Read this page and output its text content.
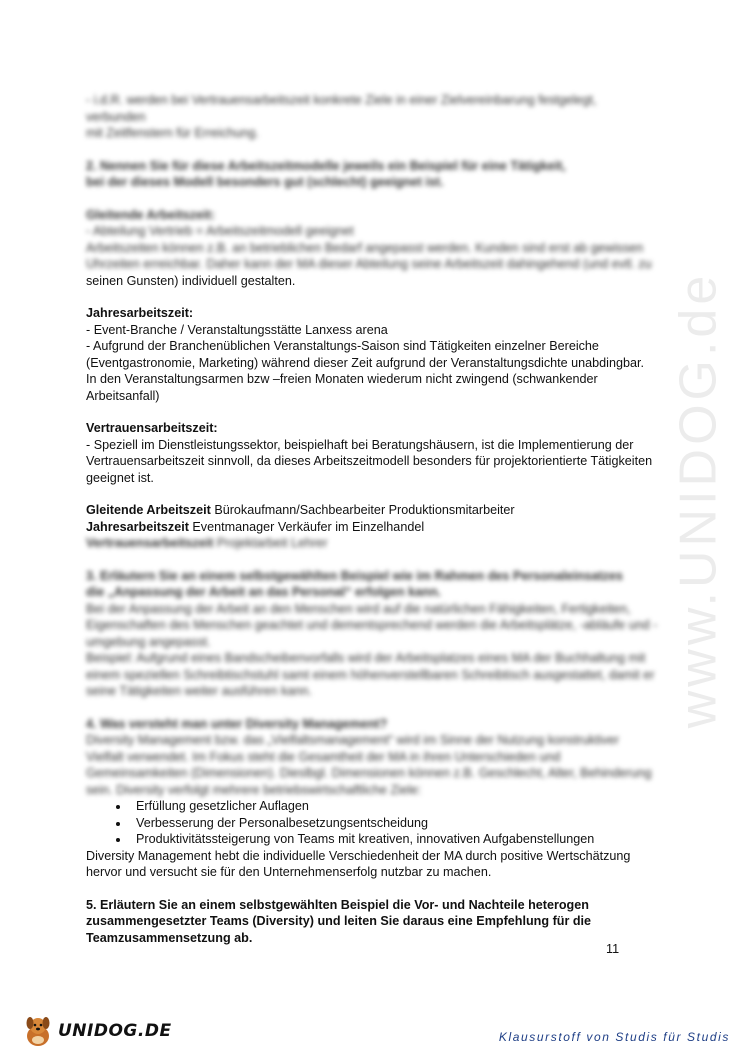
www.UNIDOG.de

- i.d.R. werden bei Vertrauensarbeitszeit konkrete Ziele in einer Zielvereinbarung festgelegt, verbunden

mit Zeitfenstern für Erreichung.

2. Nennen Sie für diese Arbeitszeitmodelle jeweils ein Beispiel für eine Tätigkeit,

bei der dieses Modell besonders gut (schlecht) geeignet ist.

Gleitende Arbeitszeit:

- Abteilung Vertrieb = Arbeitszeitmodell geeignet

Arbeitszeiten können z.B. an betrieblichen Bedarf angepasst werden. Kunden sind erst ab gewissen

Uhrzeiten erreichbar. Daher kann der MA dieser Abteilung seine Arbeitszeit dahingehend (und evtl. zu

seinen Gunsten) individuell gestalten.

Jahresarbeitszeit:

- Event-Branche / Veranstaltungsstätte Lanxess arena

- Aufgrund der Branchenüblichen Veranstaltungs-Saison sind Tätigkeiten einzelner Bereiche

(Eventgastronomie, Marketing) während dieser Zeit aufgrund der Veranstaltungsdichte unabdingbar.

In den Veranstaltungsarmen bzw –freien Monaten wiederum nicht zwingend (schwankender

Arbeitsanfall)

Vertrauensarbeitszeit:

- Speziell im Dienstleistungssektor, beispielhaft bei Beratungshäusern, ist die Implementierung der

Vertrauensarbeitszeit sinnvoll, da dieses Arbeitszeitmodell besonders für projektorientierte Tätigkeiten

geeignet ist.

Gleitende Arbeitszeit Bürokaufmann/Sachbearbeiter Produktionsmitarbeiter

Jahresarbeitszeit Eventmanager Verkäufer im Einzelhandel

Vertrauensarbeitszeit Projektarbeit Lehrer

3. Erläutern Sie an einem selbstgewählten Beispiel wie im Rahmen des Personaleinsatzes

die „Anpassung der Arbeit an das Personal“ erfolgen kann.

Bei der Anpassung der Arbeit an den Menschen wird auf die natürlichen Fähigkeiten, Fertigkeiten,

Eigenschaften des Menschen geachtet und dementsprechend werden die Arbeitsplätze, -abläufe und -

umgebung angepasst.

Beispiel: Aufgrund eines Bandscheibenvorfalls wird der Arbeitsplatzes eines MA der Buchhaltung mit

einem speziellen Schreibtischstuhl samt einem höhenverstellbaren Schreibtisch ausgestattet, damit er

seine Tätigkeiten weiter ausführen kann.

4. Was versteht man unter Diversity Management?

Diversity Management bzw. das „Vielfaltsmanagement“ wird im Sinne der Nutzung konstruktiver

Vielfalt verwendet. Im Fokus steht die Gesamtheit der MA in ihren Unterschieden und

Gemeinsamkeiten (Dimensionen). Dieslbgl. Dimensionen können z.B. Geschlecht, Alter, Behinderung

sein. Diversity verfolgt mehrere betriebswirtschaftliche Ziele:

• Erfüllung gesetzlicher Auflagen
• Verbesserung der Personalbesetzungsentscheidung
• Produktivitätssteigerung von Teams mit kreativen, innovativen Aufgabenstellungen

Diversity Management hebt die individuelle Verschiedenheit der MA durch positive Wertschätzung

hervor und versucht sie für den Unternehmenserfolg nutzbar zu machen.

5. Erläutern Sie an einem selbstgewählten Beispiel die Vor- und Nachteile heterogen

zusammengesetzter Teams (Diversity) und leiten Sie daraus eine Empfehlung für die

Teamzusammensetzung ab.

11
UNIDOG.DE	Klausurstoff von Studis für Studis
